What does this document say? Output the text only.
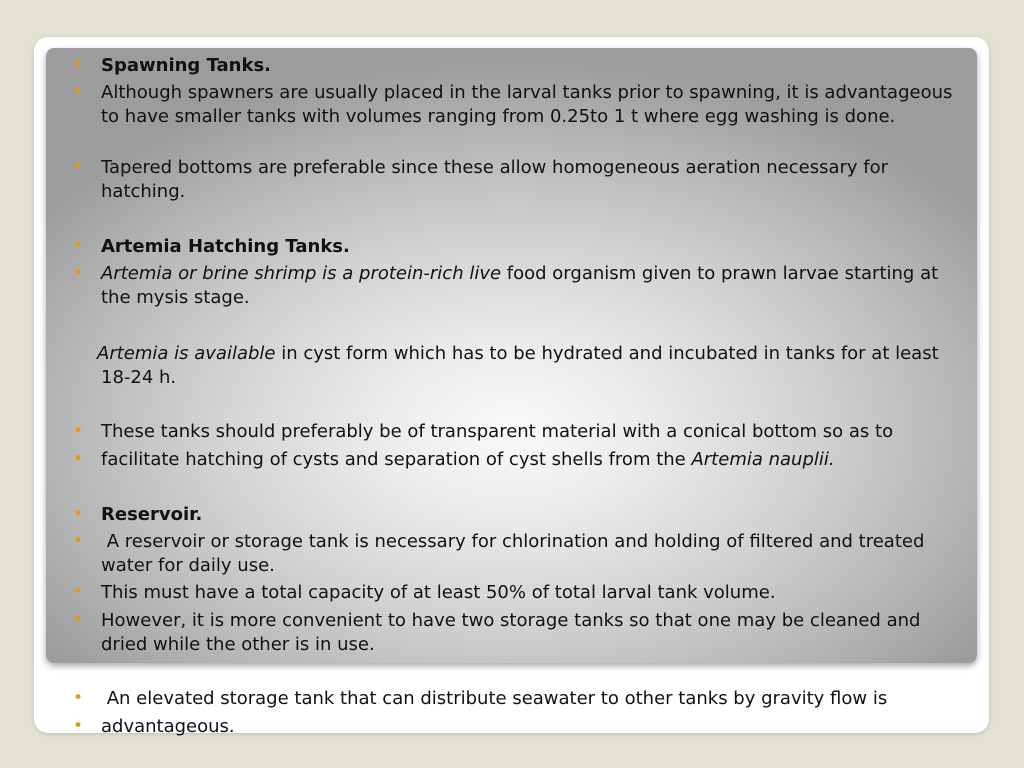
• Spawning Tanks.
• Although spawners are usually placed in the larval tanks prior to spawning, it is advantageous to have smaller tanks with volumes ranging from 0.25to 1 t where egg washing is done.
• Tapered bottoms are preferable since these allow homogeneous aeration necessary for hatching.
• Artemia Hatching Tanks.
• Artemia or brine shrimp is a protein-rich live food organism given to prawn larvae starting at the mysis stage.
Artemia is available in cyst form which has to be hydrated and incubated in tanks for at least
18-24 h.
• These tanks should preferably be of transparent material with a conical bottom so as to
• facilitate hatching of cysts and separation of cyst shells from the Artemia nauplii.
• Reservoir.
• A reservoir or storage tank is necessary for chlorination and holding of filtered and treated water for daily use.
• This must have a total capacity of at least 50% of total larval tank volume.
• However, it is more convenient to have two storage tanks so that one may be cleaned and dried while the other is in use.
• An elevated storage tank that can distribute seawater to other tanks by gravity flow is
• advantageous.
